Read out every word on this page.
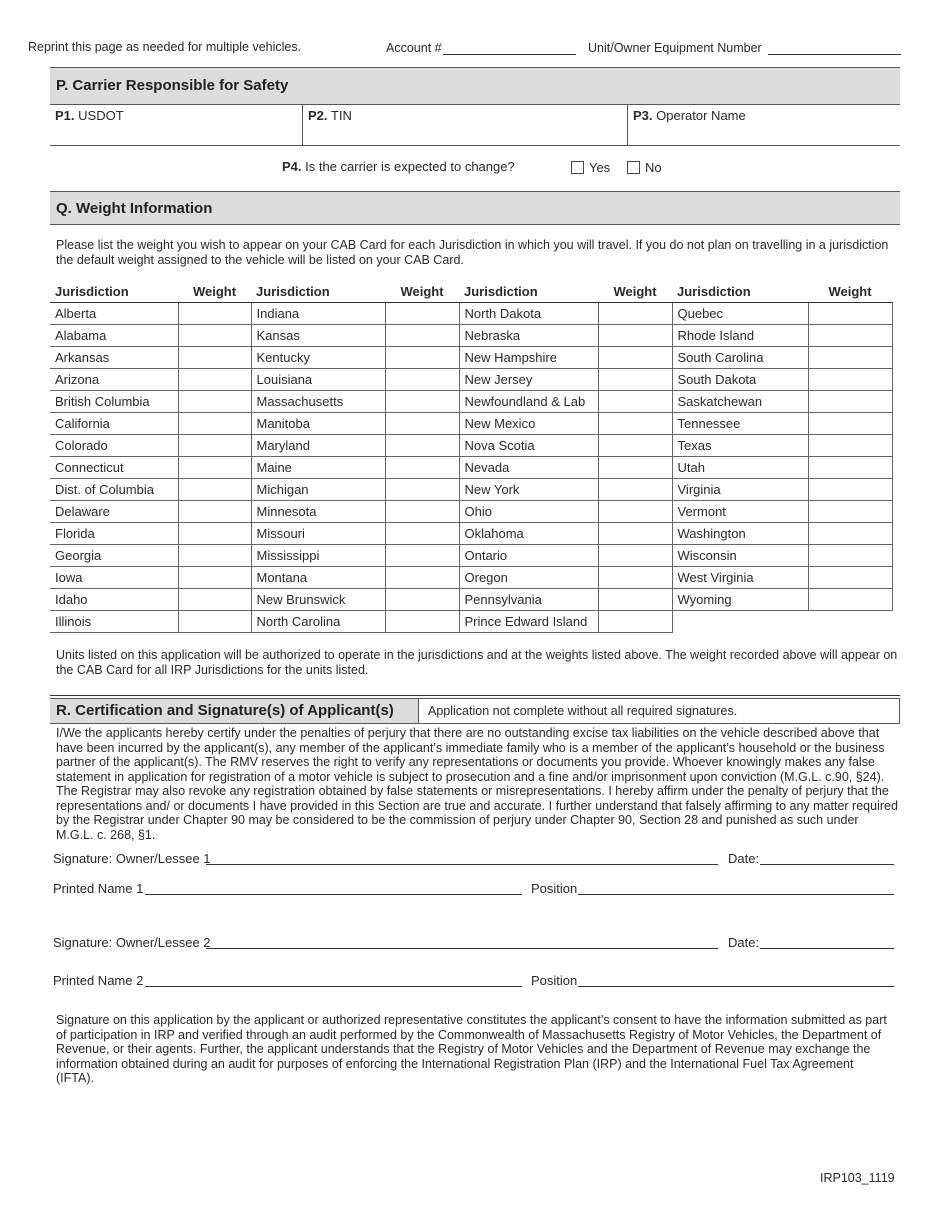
Reprint this page as needed for multiple vehicles.	Account #	Unit/Owner Equipment Number
P. Carrier Responsible for Safety
P1. USDOT	P2. TIN	P3. Operator Name
P4. Is the carrier is expected to change?	Yes	No
Q. Weight Information
Please list the weight you wish to appear on your CAB Card for each Jurisdiction in which you will travel. If you do not plan on travelling in a jurisdiction the default weight assigned to the vehicle will be listed on your CAB Card.
Jurisdiction	Weight	Jurisdiction	Weight	Jurisdiction	Weight	Jurisdiction	Weight
Alberta		Indiana		North Dakota		Quebec	
Alabama		Kansas		Nebraska		Rhode Island	
Arkansas		Kentucky		New Hampshire		South Carolina	
Arizona		Louisiana		New Jersey		South Dakota	
British Columbia		Massachusetts		Newfoundland & Lab		Saskatchewan	
California		Manitoba		New Mexico		Tennessee	
Colorado		Maryland		Nova Scotia		Texas	
Connecticut		Maine		Nevada		Utah	
Dist. of Columbia		Michigan		New York		Virginia	
Delaware		Minnesota		Ohio		Vermont	
Florida		Missouri		Oklahoma		Washington	
Georgia		Mississippi		Ontario		Wisconsin	
Iowa		Montana		Oregon		West Virginia	
Idaho		New Brunswick		Pennsylvania		Wyoming	
Illinois		North Carolina		Prince Edward Island			
Units listed on this application will be authorized to operate in the jurisdictions and at the weights listed above. The weight recorded above will appear on the CAB Card for all IRP Jurisdictions for the units listed.
R. Certification and Signature(s) of Applicant(s)	Application not complete without all required signatures.
I/We the applicants hereby certify under the penalties of perjury that there are no outstanding excise tax liabilities on the vehicle described above that have been incurred by the applicant(s), any member of the applicant’s immediate family who is a member of the applicant’s household or the business partner of the applicant(s). The RMV reserves the right to verify any representations or documents you provide. Whoever knowingly makes any false statement in application for registration of a motor vehicle is subject to prosecution and a fine and/or imprisonment upon conviction (M.G.L. c.90, §24). The Registrar may also revoke any registration obtained by false statements or misrepresentations. I hereby affirm under the penalty of perjury that the representations and/ or documents I have provided in this Section are true and accurate. I further understand that falsely affirming to any matter required by the Registrar under Chapter 90 may be considered to be the commission of perjury under Chapter 90, Section 28 and punished as such under M.G.L. c. 268, §1.
Signature: Owner/Lessee 1	Date:
Printed Name 1	Position
Signature: Owner/Lessee 2	Date:
Printed Name 2	Position
Signature on this application by the applicant or authorized representative constitutes the applicant’s consent to have the information submitted as part of participation in IRP and verified through an audit performed by the Commonwealth of Massachusetts Registry of Motor Vehicles, the Department of Revenue, or their agents. Further, the applicant understands that the Registry of Motor Vehicles and the Department of Revenue may exchange the information obtained during an audit for purposes of enforcing the International Registration Plan (IRP) and the International Fuel Tax Agreement (IFTA).
IRP103_1119
